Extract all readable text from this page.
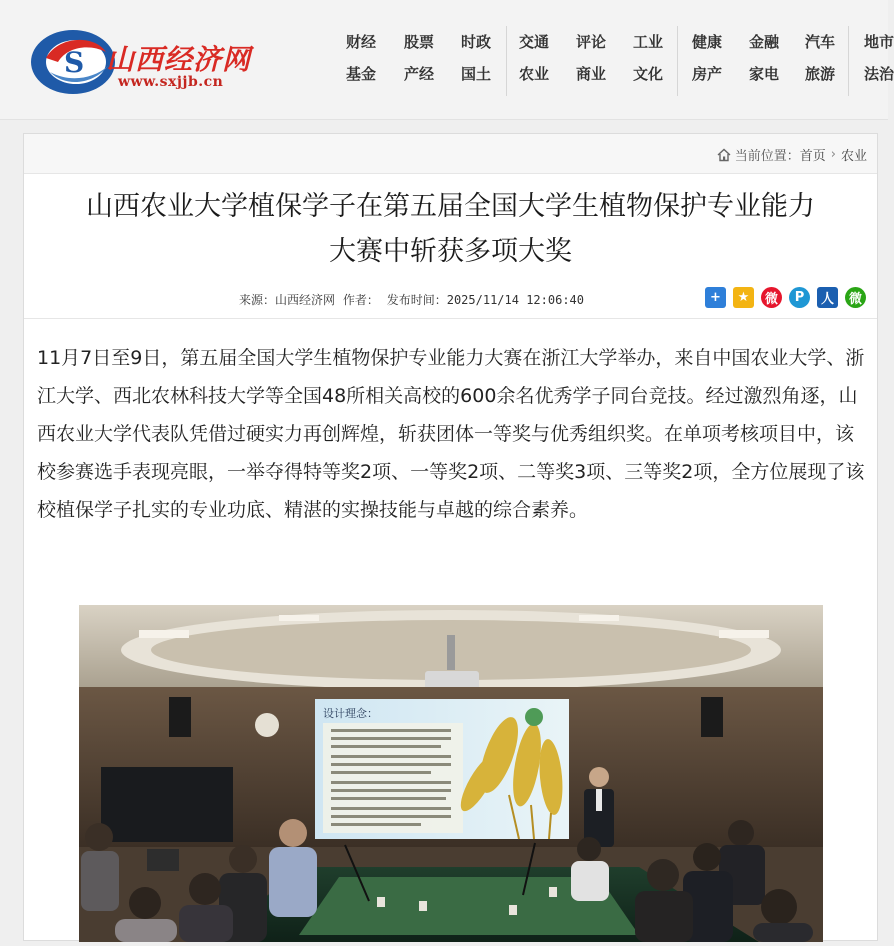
S 山西经济网
www.sxjjb.cn
财经 股票 时政
基金 产经 国土
交通 评论 工业
农业 商业 文化
健康 金融 汽车
房产 家电 旅游
地市
法治
当前位置： 首页 › 农业
山西农业大学植保学子在第五届全国大学生植物保护专业能力
大赛中斩获多项大奖
来源：山西经济网 作者： 发布时间：2025/11/14 12:06:40	+	★	微	P	人	微

11月7日至9日，第五届全国大学生植物保护专业能力大赛在浙江大学举办，来自中国农业大学、浙江大学、西北农林科技大学等全国48所相关高校的600余名优秀学子同台竞技。经过激烈角逐，山西农业大学代表队凭借过硬实力再创辉煌，斩获团体一等奖与优秀组织奖。在单项考核项目中，该校参赛选手表现亮眼，一举夺得特等奖2项、一等奖2项、二等奖3项、三等奖2项，全方位展现了该校植保学子扎实的专业功底、精湛的实操技能与卓越的综合素养。

设计理念：
